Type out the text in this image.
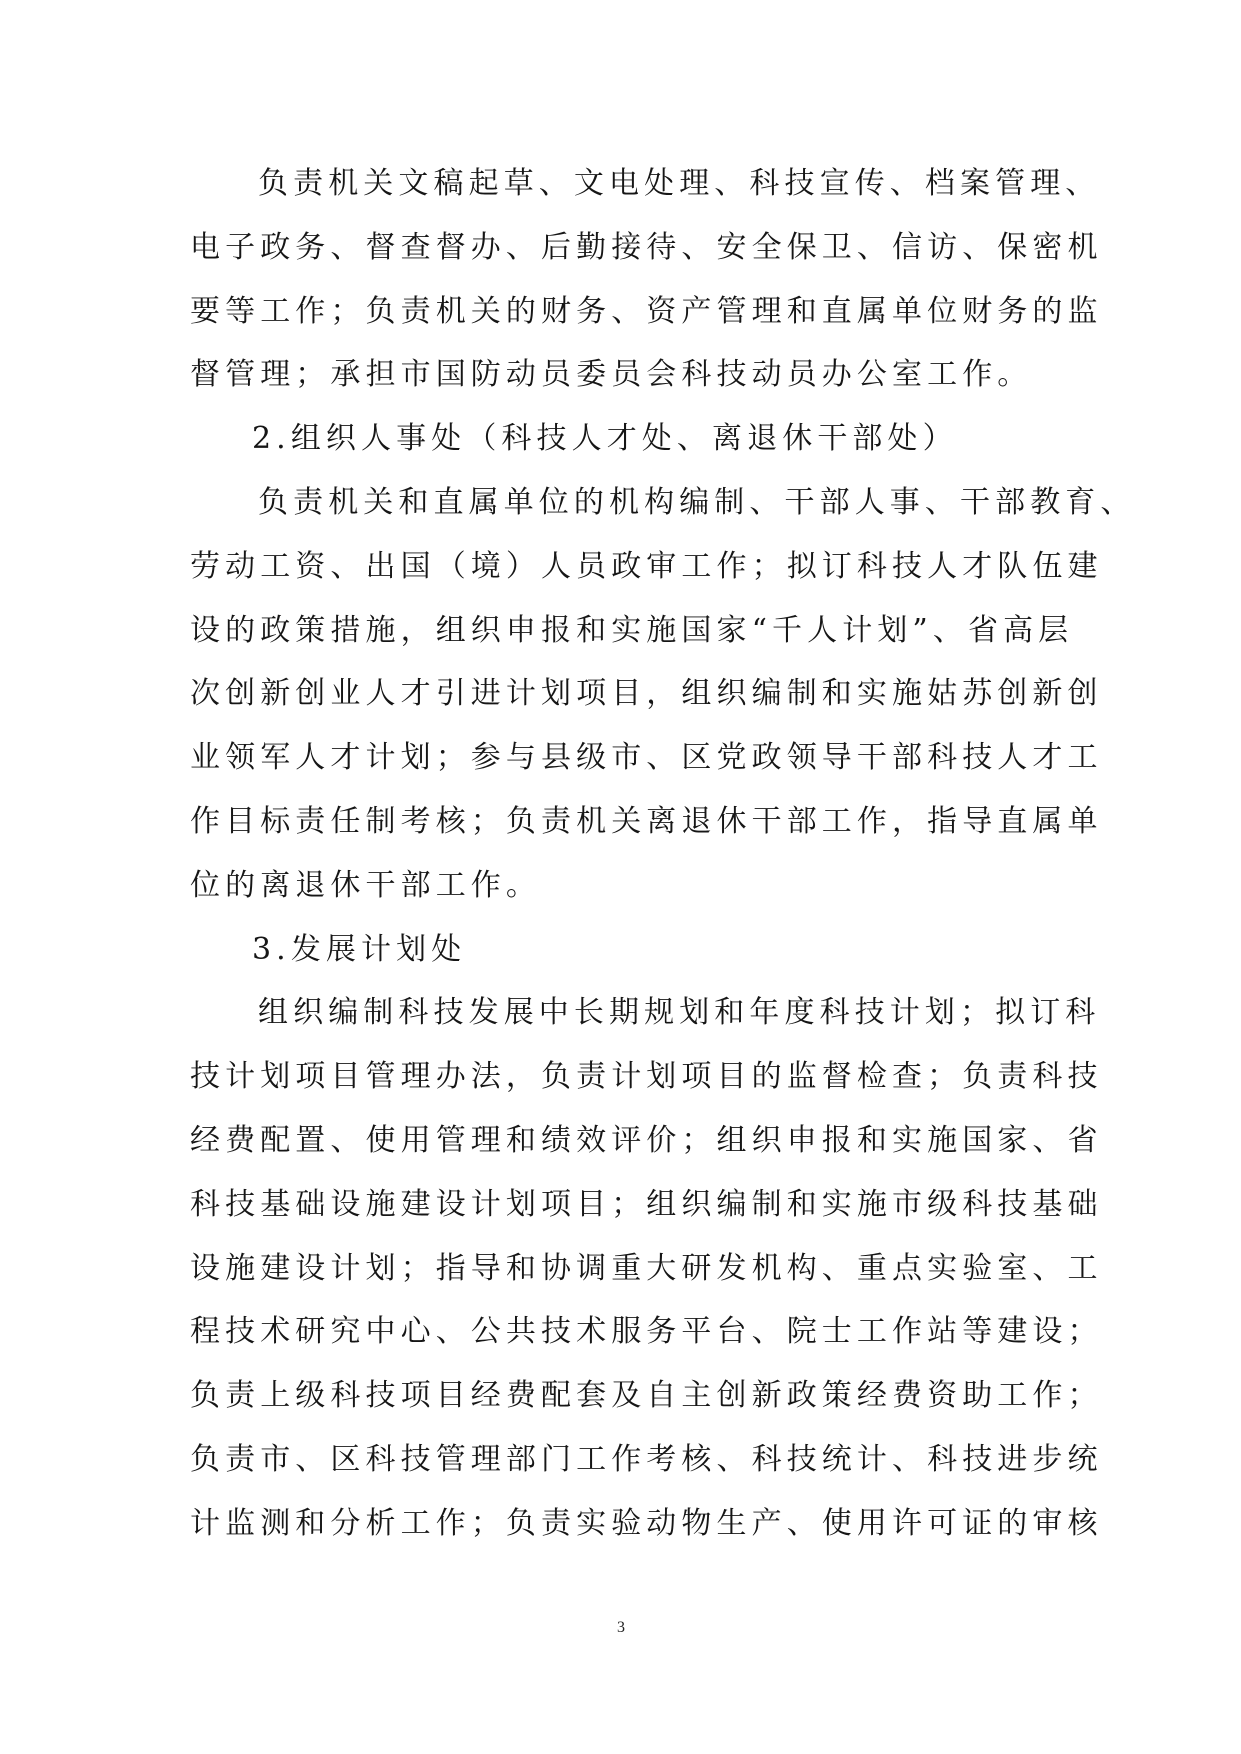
负责机关文稿起草、文电处理、科技宣传、档案管理、
电子政务、督查督办、后勤接待、安全保卫、信访、保密机
要等工作；负责机关的财务、资产管理和直属单位财务的监
督管理；承担市国防动员委员会科技动员办公室工作。
2.组织人事处（科技人才处、离退休干部处）
负责机关和直属单位的机构编制、干部人事、干部教育、
劳动工资、出国（境）人员政审工作；拟订科技人才队伍建
设的政策措施，组织申报和实施国家“千人计划”、省高层
次创新创业人才引进计划项目，组织编制和实施姑苏创新创
业领军人才计划；参与县级市、区党政领导干部科技人才工
作目标责任制考核；负责机关离退休干部工作，指导直属单
位的离退休干部工作。
3.发展计划处
组织编制科技发展中长期规划和年度科技计划；拟订科
技计划项目管理办法，负责计划项目的监督检查；负责科技
经费配置、使用管理和绩效评价；组织申报和实施国家、省
科技基础设施建设计划项目；组织编制和实施市级科技基础
设施建设计划；指导和协调重大研发机构、重点实验室、工
程技术研究中心、公共技术服务平台、院士工作站等建设；
负责上级科技项目经费配套及自主创新政策经费资助工作；
负责市、区科技管理部门工作考核、科技统计、科技进步统
计监测和分析工作；负责实验动物生产、使用许可证的审核
3
